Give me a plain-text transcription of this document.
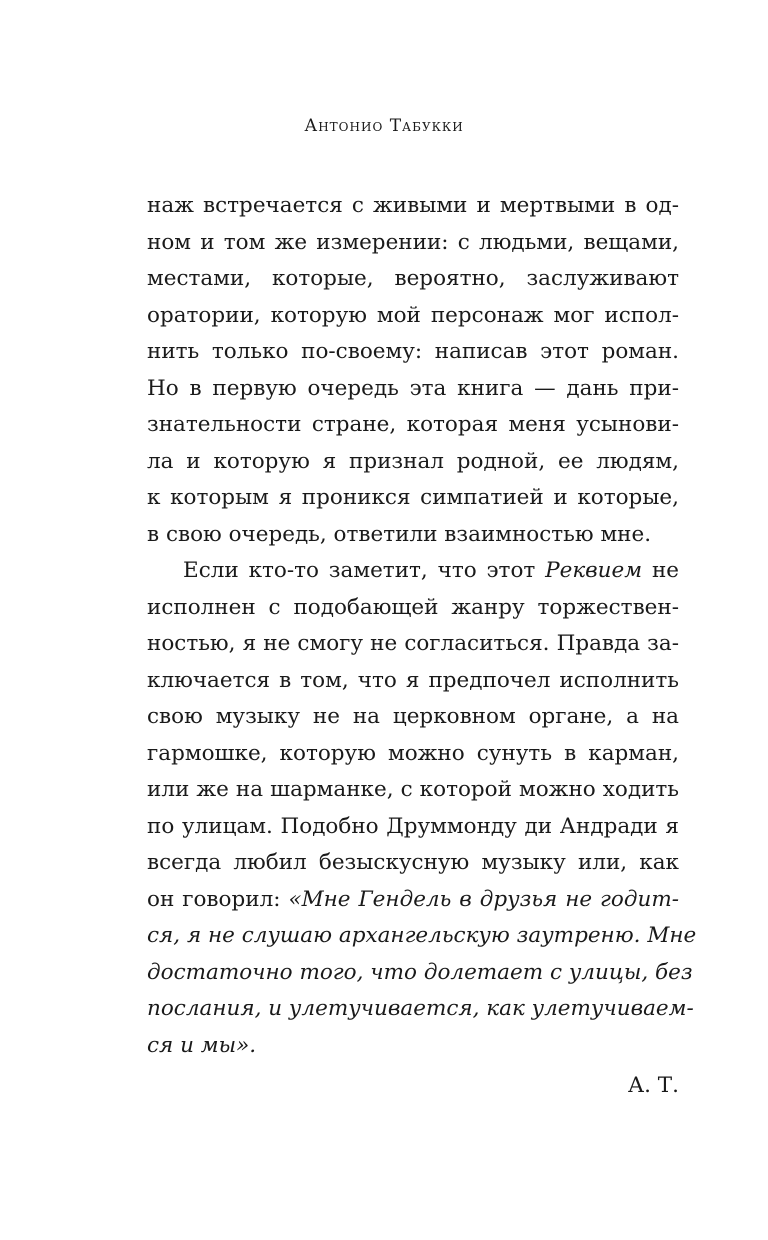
Антонио Табукки
наж встречается с живыми и мертвыми в од-
ном и том же измерении: с людьми, вещами,
местами, которые, вероятно, заслуживают
оратории, которую мой персонаж мог испол-
нить только по-своему: написав этот роман.
Но в первую очередь эта книга — дань при-
знательности стране, которая меня усынови-
ла и которую я признал родной, ее людям,
к которым я проникся симпатией и которые,
в свою очередь, ответили взаимностью мне.
Если кто-то заметит, что этот Реквием не
исполнен с подобающей жанру торжествен-
ностью, я не смогу не согласиться. Правда за-
ключается в том, что я предпочел исполнить
свою музыку не на церковном органе, а на
гармошке, которую можно сунуть в карман,
или же на шарманке, с которой можно ходить
по улицам. Подобно Друммонду ди Андради я
всегда любил безыскусную музыку или, как
он говорил: «Мне Гендель в друзья не годит-
ся, я не слушаю архангельскую заутреню. Мне
достаточно того, что долетает с улицы, без
послания, и улетучивается, как улетучиваем-
ся и мы».
А. Т.
